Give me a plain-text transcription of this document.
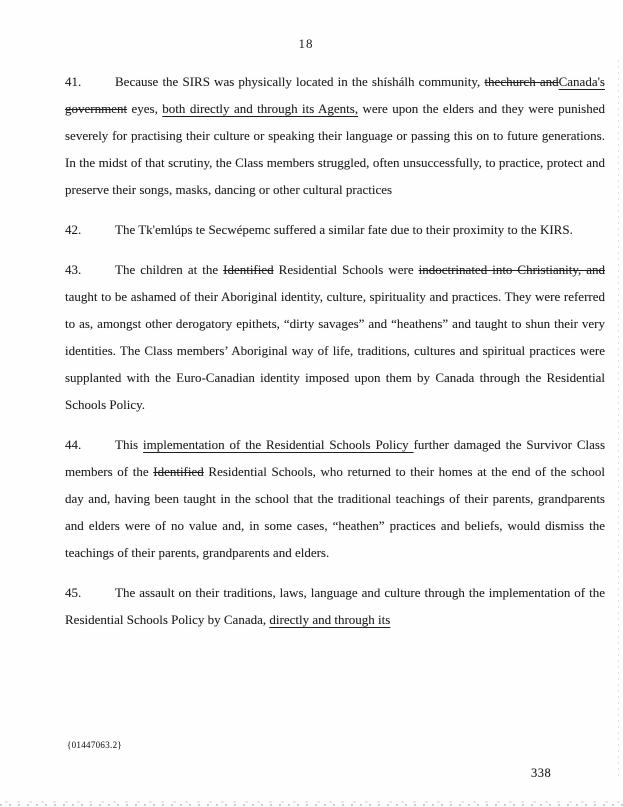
18

41.	Because the SIRS was physically located in the shíshálh community, thechurch andCanada's government eyes, both directly and through its Agents, were upon the elders and they were punished severely for practising their culture or speaking their language or passing this on to future generations. In the midst of that scrutiny, the Class members struggled, often unsuccessfully, to practice, protect and preserve their songs, masks, dancing or other cultural practices

42.	The Tk'emlúps te Secwépemc suffered a similar fate due to their proximity to the KIRS.

43.	The children at the Identified Residential Schools were indoctrinated into Christianity, and taught to be ashamed of their Aboriginal identity, culture, spirituality and practices. They were referred to as, amongst other derogatory epithets, “dirty savages” and “heathens” and taught to shun their very identities. The Class members’ Aboriginal way of life, traditions, cultures and spiritual practices were supplanted with the Euro-Canadian identity imposed upon them by Canada through the Residential Schools Policy.

44.	This implementation of the Residential Schools Policy further damaged the Survivor Class members of the Identified Residential Schools, who returned to their homes at the end of the school day and, having been taught in the school that the traditional teachings of their parents, grandparents and elders were of no value and, in some cases, “heathen” practices and beliefs, would dismiss the teachings of their parents, grandparents and elders.

45.	The assault on their traditions, laws, language and culture through the implementation of the Residential Schools Policy by Canada, directly and through its

{01447063.2}
338
